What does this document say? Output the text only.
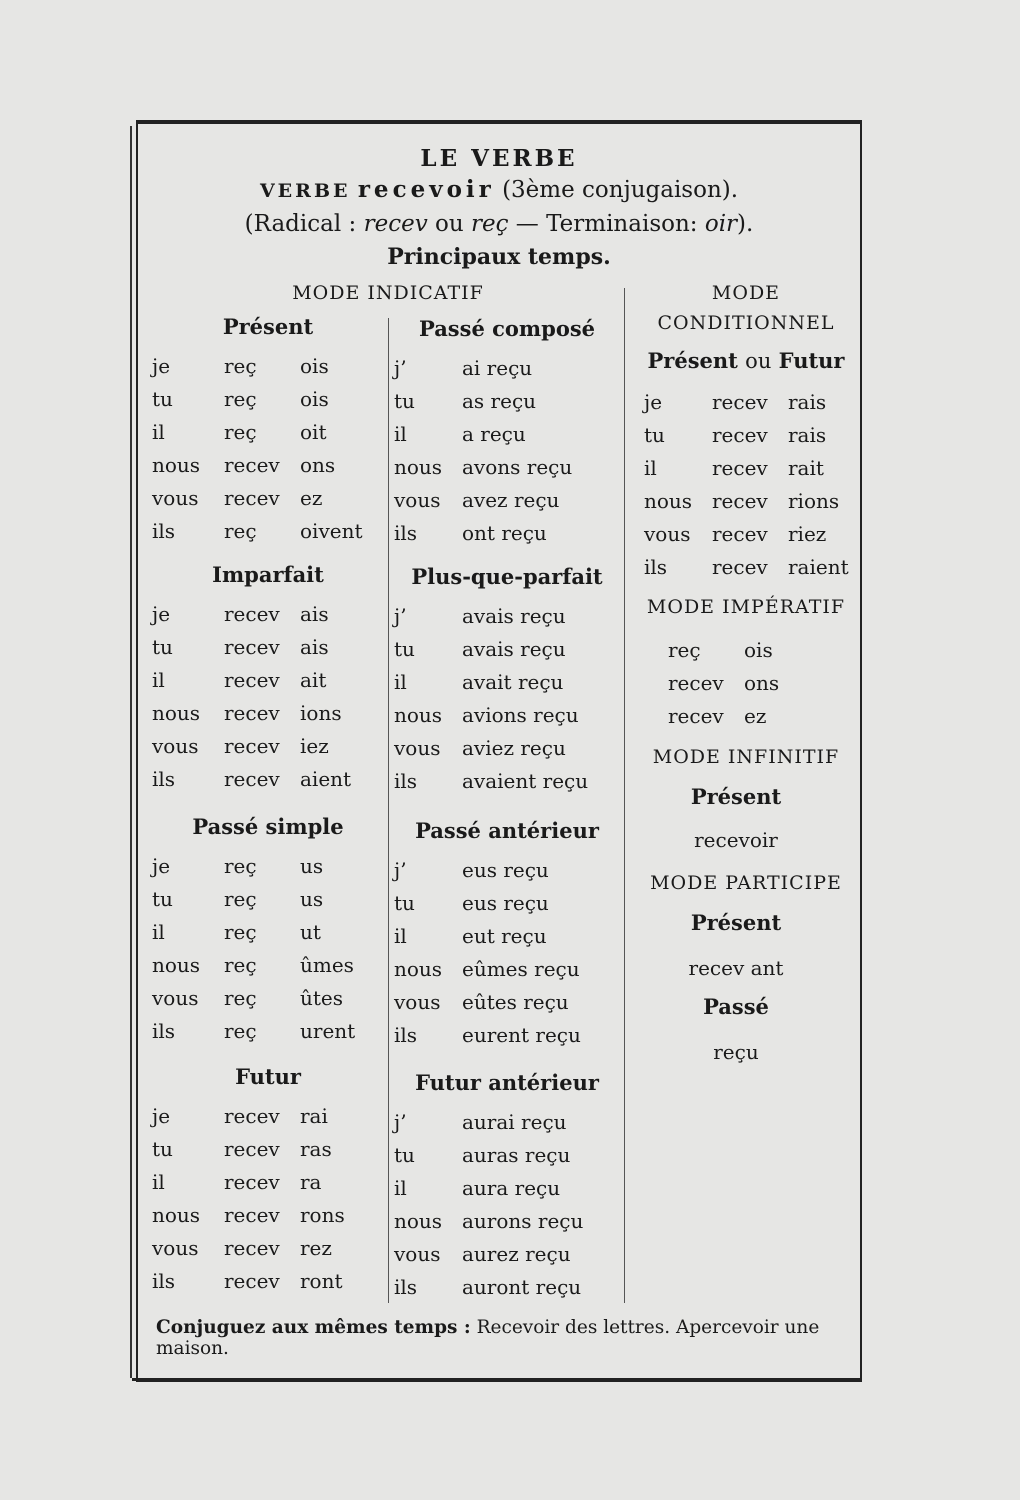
LE VERBE
VERBE recevoir (3ème conjugaison).
(Radical : recev ou reç — Terminaison: oir).
Principaux temps.
MODE INDICATIF	MODE
CONDITIONNEL
Présent
je	reç ois
tu	reç ois
il	reç oit
nous recev ons
vous recev ez
ils reç oivent
Imparfait
je	recev ais
tu	recev ais
il	recev ait
nous recev ions
vous recev iez
ils recev aient
Passé simple
je	reç us
tu	reç us
il	reç ut
nous reç ûmes
vous reç ûtes
ils reç urent
Futur
je	recev rai
tu	recev ras
il	recev ra
nous recev rons
vous recev rez
ils recev ront
Passé composé
j’	ai reçu
tu as reçu
il	a reçu
nous avons reçu
vous avez reçu
ils ont reçu
Plus-que-parfait
j’	avais reçu
tu avais reçu
il	avait reçu
nous avions reçu
vous aviez reçu
ils avaient reçu
Passé antérieur
j’	eus reçu
tu eus reçu
il	eut reçu
nous eûmes reçu
vous eûtes reçu
ils eurent reçu
Futur antérieur
j’	aurai reçu
tu auras reçu
il	aura reçu
nous aurons reçu
vous aurez reçu
ils auront reçu
Présent ou Futur
je recev rais
tu recev rais
il	recev rait
nous recev rions
vous recev riez
ils recev raient
MODE IMPÉRATIF
reç ois
recev ons
recev ez
MODE INFINITIF
Présent
recevoir
MODE PARTICIPE
Présent
recev ant
Passé
reçu
Conjuguez aux mêmes temps : Recevoir des lettres. Apercevoir une maison.
